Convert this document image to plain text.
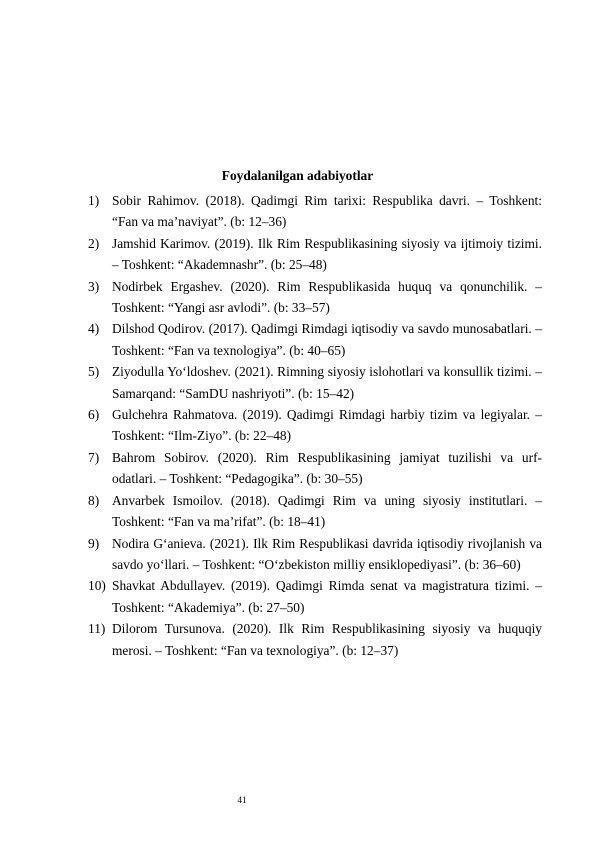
Foydalanilgan adabiyotlar
1) Sobir Rahimov. (2018). Qadimgi Rim tarixi: Respublika davri. – Toshkent: “Fan va ma’naviyat”. (b: 12–36)
2) Jamshid Karimov. (2019). Ilk Rim Respublikasining siyosiy va ijtimoiy tizimi. – Toshkent: “Akademnashr”. (b: 25–48)
3) Nodirbek Ergashev. (2020). Rim Respublikasida huquq va qonunchilik. – Toshkent: “Yangi asr avlodi”. (b: 33–57)
4) Dilshod Qodirov. (2017). Qadimgi Rimdagi iqtisodiy va savdo munosabatlari. – Toshkent: “Fan va texnologiya”. (b: 40–65)
5) Ziyodulla Yo‘ldoshev. (2021). Rimning siyosiy islohotlari va konsullik tizimi. – Samarqand: “SamDU nashriyoti”. (b: 15–42)
6) Gulchehra Rahmatova. (2019). Qadimgi Rimdagi harbiy tizim va legiyalar. – Toshkent: “Ilm-Ziyo”. (b: 22–48)
7) Bahrom Sobirov. (2020). Rim Respublikasining jamiyat tuzilishi va urf-odatlari. – Toshkent: “Pedagogika”. (b: 30–55)
8) Anvarbek Ismoilov. (2018). Qadimgi Rim va uning siyosiy institutlari. – Toshkent: “Fan va ma’rifat”. (b: 18–41)
9) Nodira G‘anieva. (2021). Ilk Rim Respublikasi davrida iqtisodiy rivojlanish va savdo yo‘llari. – Toshkent: “O‘zbekiston milliy ensiklopediyasi”. (b: 36–60)
10) Shavkat Abdullayev. (2019). Qadimgi Rimda senat va magistratura tizimi. – Toshkent: “Akademiya”. (b: 27–50)
11) Dilorom Tursunova. (2020). Ilk Rim Respublikasining siyosiy va huquqiy merosi. – Toshkent: “Fan va texnologiya”. (b: 12–37)
41
